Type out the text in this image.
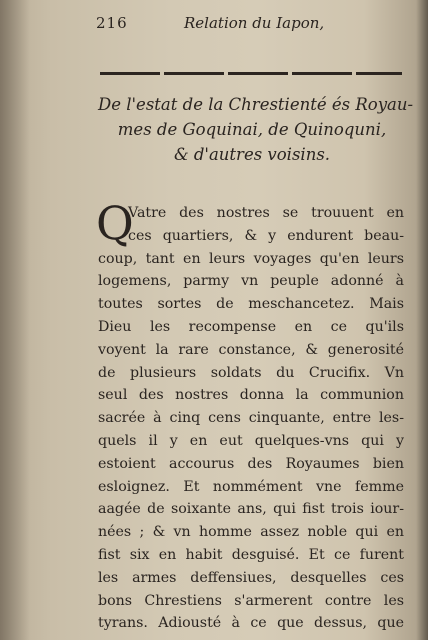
216	Relation du Iapon,
De l'estat de la Chrestienté és Royau-
mes de Goquinai, de Quinoquni,
& d'autres voisins.
Q
Vatre des nostres se trouuent en
ces quartiers, & y endurent beau-
coup, tant en leurs voyages qu'en leurs
logemens, parmy vn peuple adonné à
toutes sortes de meschancetez. Mais
Dieu les recompense en ce qu'ils
voyent la rare constance, & generosité
de plusieurs soldats du Crucifix. Vn
seul des nostres donna la communion
sacrée à cinq cens cinquante, entre les-
quels il y en eut quelques-vns qui y
estoient accourus des Royaumes bien
esloignez. Et nommément vne femme
aagée de soixante ans, qui fist trois iour-
nées ; & vn homme assez noble qui en
fist six en habit desguisé. Et ce furent
les armes deffensiues, desquelles ces
bons Chrestiens s'armerent contre les
tyrans. Adiousté à ce que dessus, que
